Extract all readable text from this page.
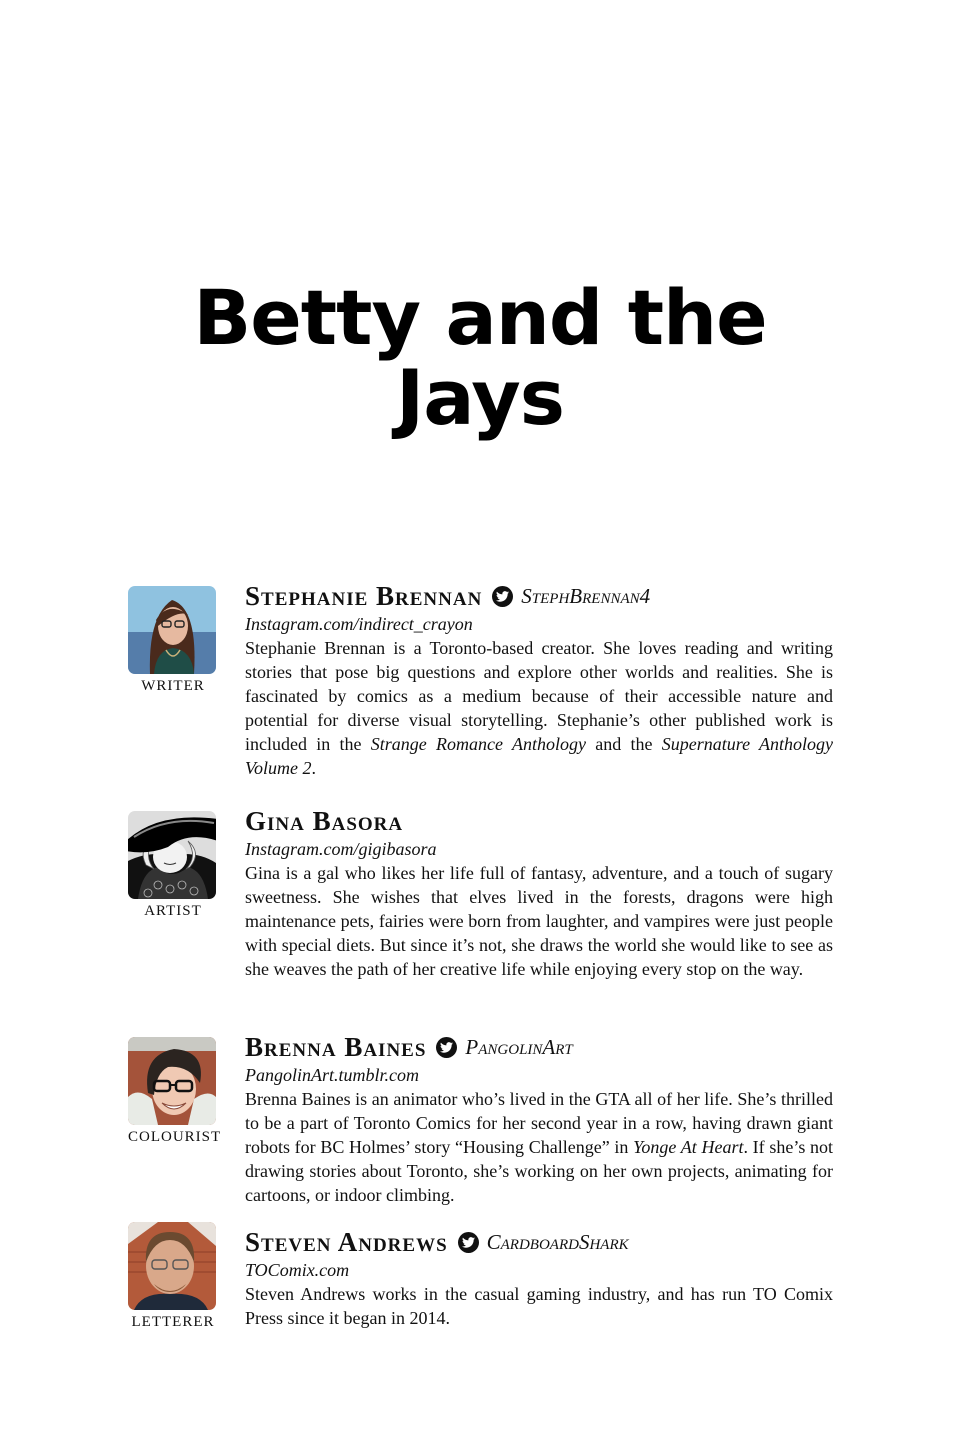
Betty and the
Jays
WRITER
Stephanie Brennan StephBrennan4
Instagram.com/indirect_crayon
Stephanie Brennan is a Toronto-based creator. She loves reading and writing stories that pose big questions and explore other worlds and realities. She is fascinated by comics as a medium because of their accessible nature and potential for diverse visual storytelling. Stephanie’s other published work is included in the Strange Romance Anthology and the Supernature Anthology Volume 2.
ARTIST
Gina Basora
Instagram.com/gigibasora
Gina is a gal who likes her life full of fantasy, adventure, and a touch of sugary sweetness. She wishes that elves lived in the forests, dragons were high maintenance pets, fairies were born from laughter, and vampires were just people with special diets. But since it’s not, she draws the world she would like to see as she weaves the path of her creative life while enjoying every stop on the way.
COLOURIST
Brenna Baines PangolinArt
PangolinArt.tumblr.com
Brenna Baines is an animator who’s lived in the GTA all of her life. She’s thrilled to be a part of Toronto Comics for her second year in a row, having drawn giant robots for BC Holmes’ story “Housing Challenge” in Yonge At Heart. If she’s not drawing stories about Toronto, she’s working on her own projects, animating for cartoons, or indoor climbing.
LETTERER
Steven Andrews CardboardShark
TOComix.com
Steven Andrews works in the casual gaming industry, and has run TO Comix Press since it began in 2014.
